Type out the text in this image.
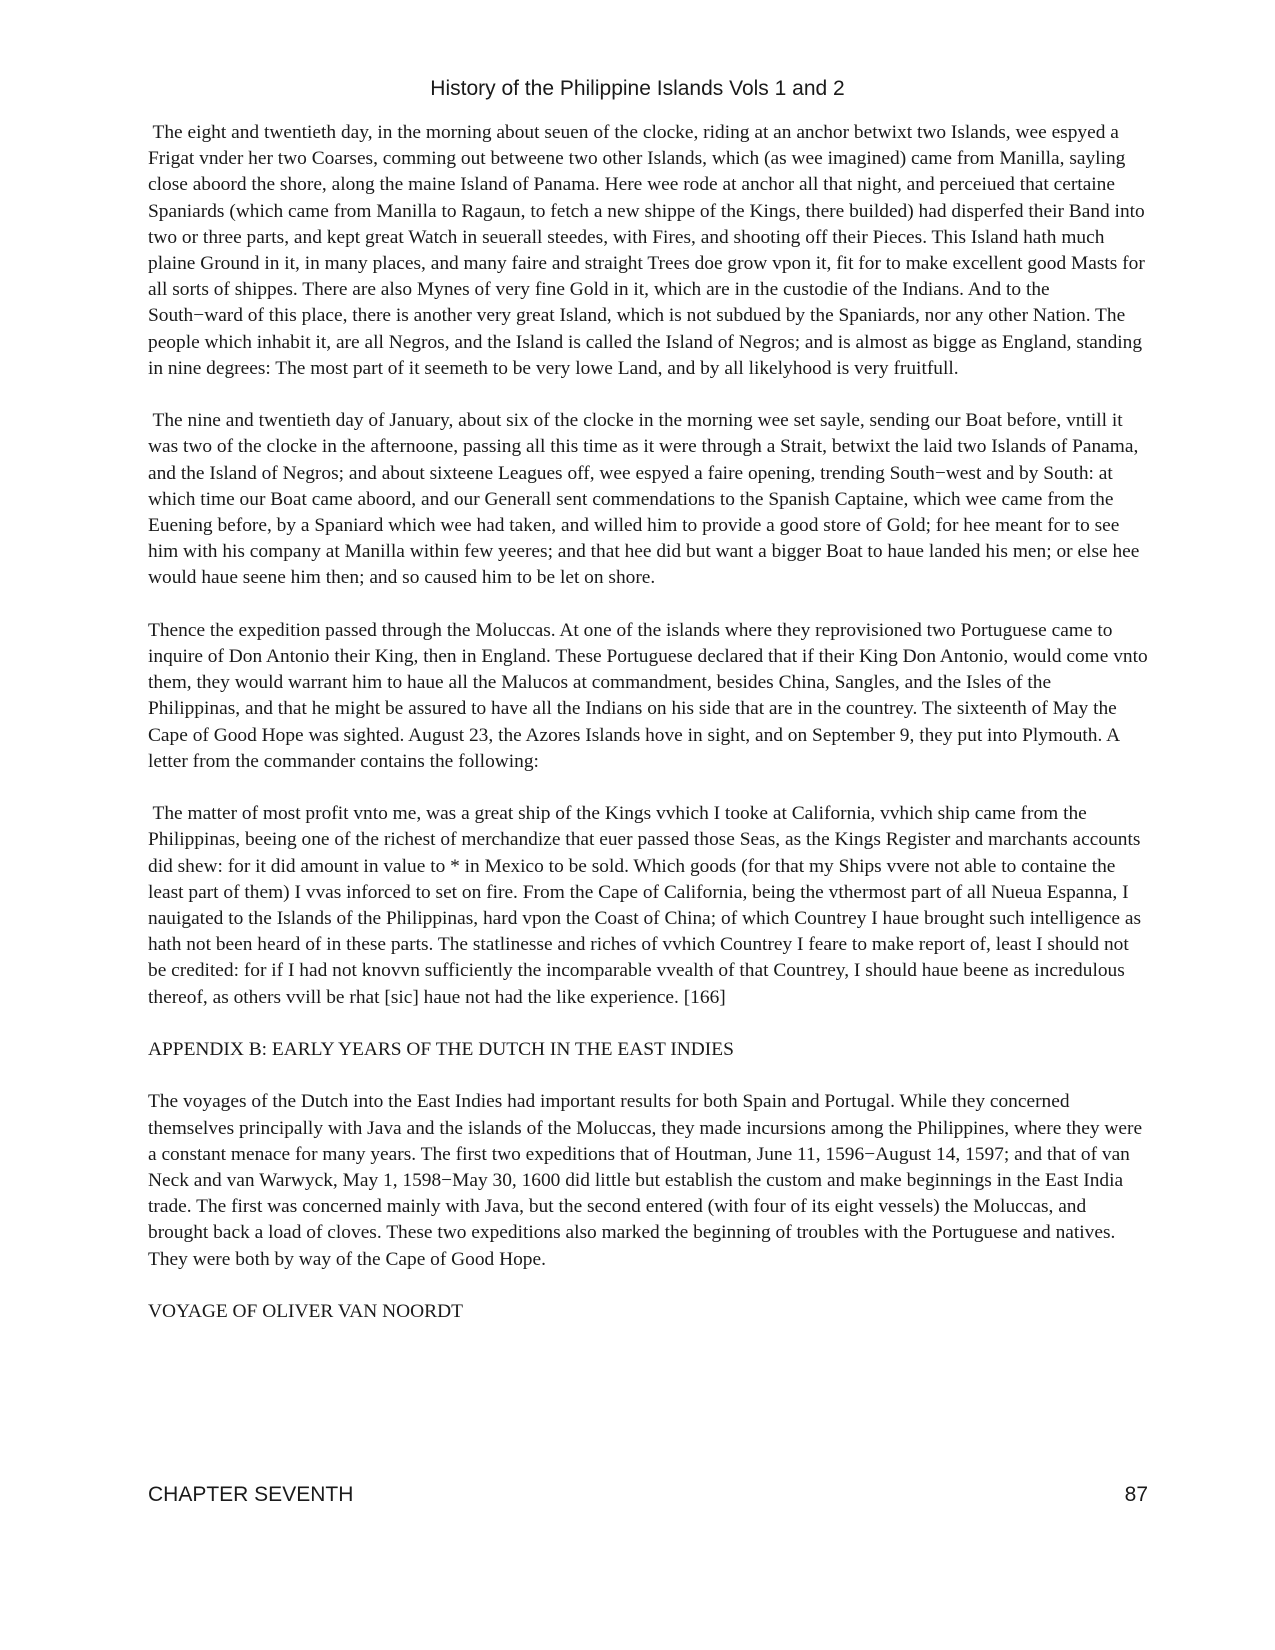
History of the Philippine Islands Vols 1 and 2

The eight and twentieth day, in the morning about seuen of the clocke, riding at an anchor betwixt two Islands, wee espyed a Frigat vnder her two Coarses, comming out betweene two other Islands, which (as wee imagined) came from Manilla, sayling close aboord the shore, along the maine Island of Panama. Here wee rode at anchor all that night, and perceiued that certaine Spaniards (which came from Manilla to Ragaun, to fetch a new shippe of the Kings, there builded) had disperfed their Band into two or three parts, and kept great Watch in seuerall steedes, with Fires, and shooting off their Pieces. This Island hath much plaine Ground in it, in many places, and many faire and straight Trees doe grow vpon it, fit for to make excellent good Masts for all sorts of shippes. There are also Mynes of very fine Gold in it, which are in the custodie of the Indians. And to the South−ward of this place, there is another very great Island, which is not subdued by the Spaniards, nor any other Nation. The people which inhabit it, are all Negros, and the Island is called the Island of Negros; and is almost as bigge as England, standing in nine degrees: The most part of it seemeth to be very lowe Land, and by all likelyhood is very fruitfull.

The nine and twentieth day of January, about six of the clocke in the morning wee set sayle, sending our Boat before, vntill it was two of the clocke in the afternoone, passing all this time as it were through a Strait, betwixt the laid two Islands of Panama, and the Island of Negros; and about sixteene Leagues off, wee espyed a faire opening, trending South−west and by South: at which time our Boat came aboord, and our Generall sent commendations to the Spanish Captaine, which wee came from the Euening before, by a Spaniard which wee had taken, and willed him to provide a good store of Gold; for hee meant for to see him with his company at Manilla within few yeeres; and that hee did but want a bigger Boat to haue landed his men; or else hee would haue seene him then; and so caused him to be let on shore.

Thence the expedition passed through the Moluccas. At one of the islands where they reprovisioned two Portuguese came to inquire of Don Antonio their King, then in England. These Portuguese declared that if their King Don Antonio, would come vnto them, they would warrant him to haue all the Malucos at commandment, besides China, Sangles, and the Isles of the Philippinas, and that he might be assured to have all the Indians on his side that are in the countrey. The sixteenth of May the Cape of Good Hope was sighted. August 23, the Azores Islands hove in sight, and on September 9, they put into Plymouth. A letter from the commander contains the following:

The matter of most profit vnto me, was a great ship of the Kings vvhich I tooke at California, vvhich ship came from the Philippinas, beeing one of the richest of merchandize that euer passed those Seas, as the Kings Register and marchants accounts did shew: for it did amount in value to * in Mexico to be sold. Which goods (for that my Ships vvere not able to containe the least part of them) I vvas inforced to set on fire. From the Cape of California, being the vthermost part of all Nueua Espanna, I nauigated to the Islands of the Philippinas, hard vpon the Coast of China; of which Countrey I haue brought such intelligence as hath not been heard of in these parts. The statlinesse and riches of vvhich Countrey I feare to make report of, least I should not be credited: for if I had not knovvn sufficiently the incomparable vvealth of that Countrey, I should haue beene as incredulous thereof, as others vvill be rhat [sic] haue not had the like experience. [166]

APPENDIX B: EARLY YEARS OF THE DUTCH IN THE EAST INDIES

The voyages of the Dutch into the East Indies had important results for both Spain and Portugal. While they concerned themselves principally with Java and the islands of the Moluccas, they made incursions among the Philippines, where they were a constant menace for many years. The first two expeditions that of Houtman, June 11, 1596−August 14, 1597; and that of van Neck and van Warwyck, May 1, 1598−May 30, 1600 did little but establish the custom and make beginnings in the East India trade. The first was concerned mainly with Java, but the second entered (with four of its eight vessels) the Moluccas, and brought back a load of cloves. These two expeditions also marked the beginning of troubles with the Portuguese and natives. They were both by way of the Cape of Good Hope.

VOYAGE OF OLIVER VAN NOORDT

CHAPTER SEVENTH	87
